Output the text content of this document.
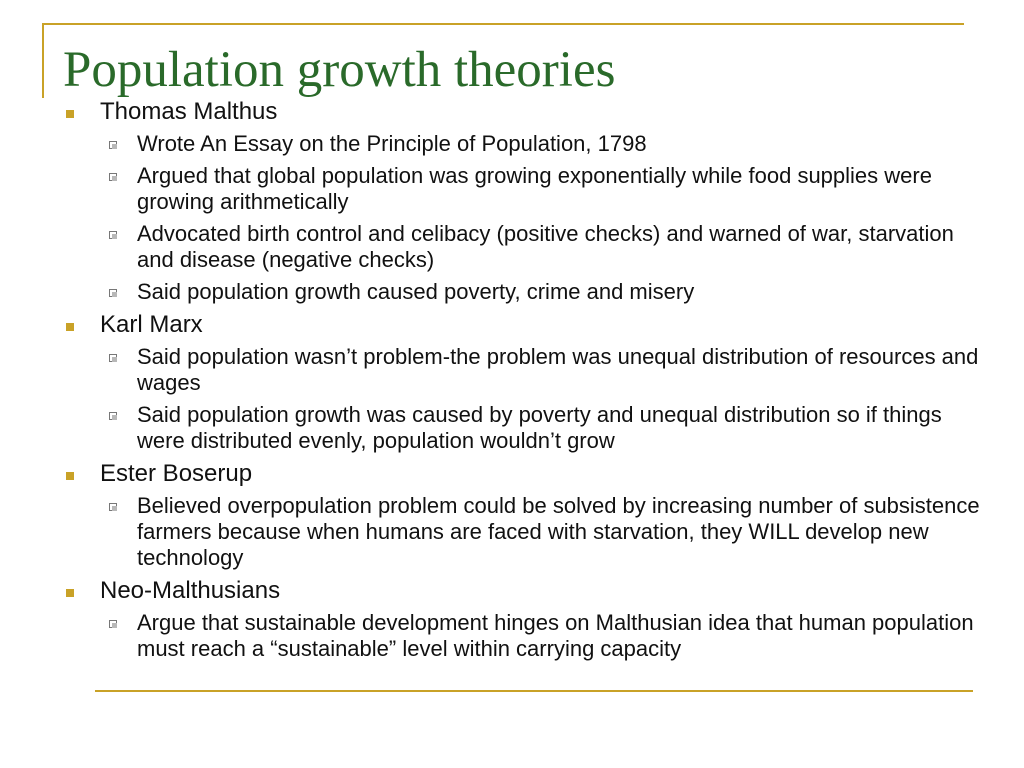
Population growth theories
Thomas Malthus
Wrote An Essay on the Principle of Population, 1798
Argued that global population was growing exponentially while food supplies were growing arithmetically
Advocated birth control and celibacy (positive checks) and warned of war, starvation and disease (negative checks)
Said population growth caused poverty, crime and misery
Karl Marx
Said population wasn’t problem-the problem was unequal distribution of resources and wages
Said population growth was caused by poverty and unequal distribution so if things were distributed evenly, population wouldn’t grow
Ester Boserup
Believed overpopulation problem could be solved by increasing number of subsistence farmers because when humans are faced with starvation, they WILL develop new technology
Neo-Malthusians
Argue that sustainable development hinges on Malthusian idea that human population must reach a “sustainable” level within carrying capacity
